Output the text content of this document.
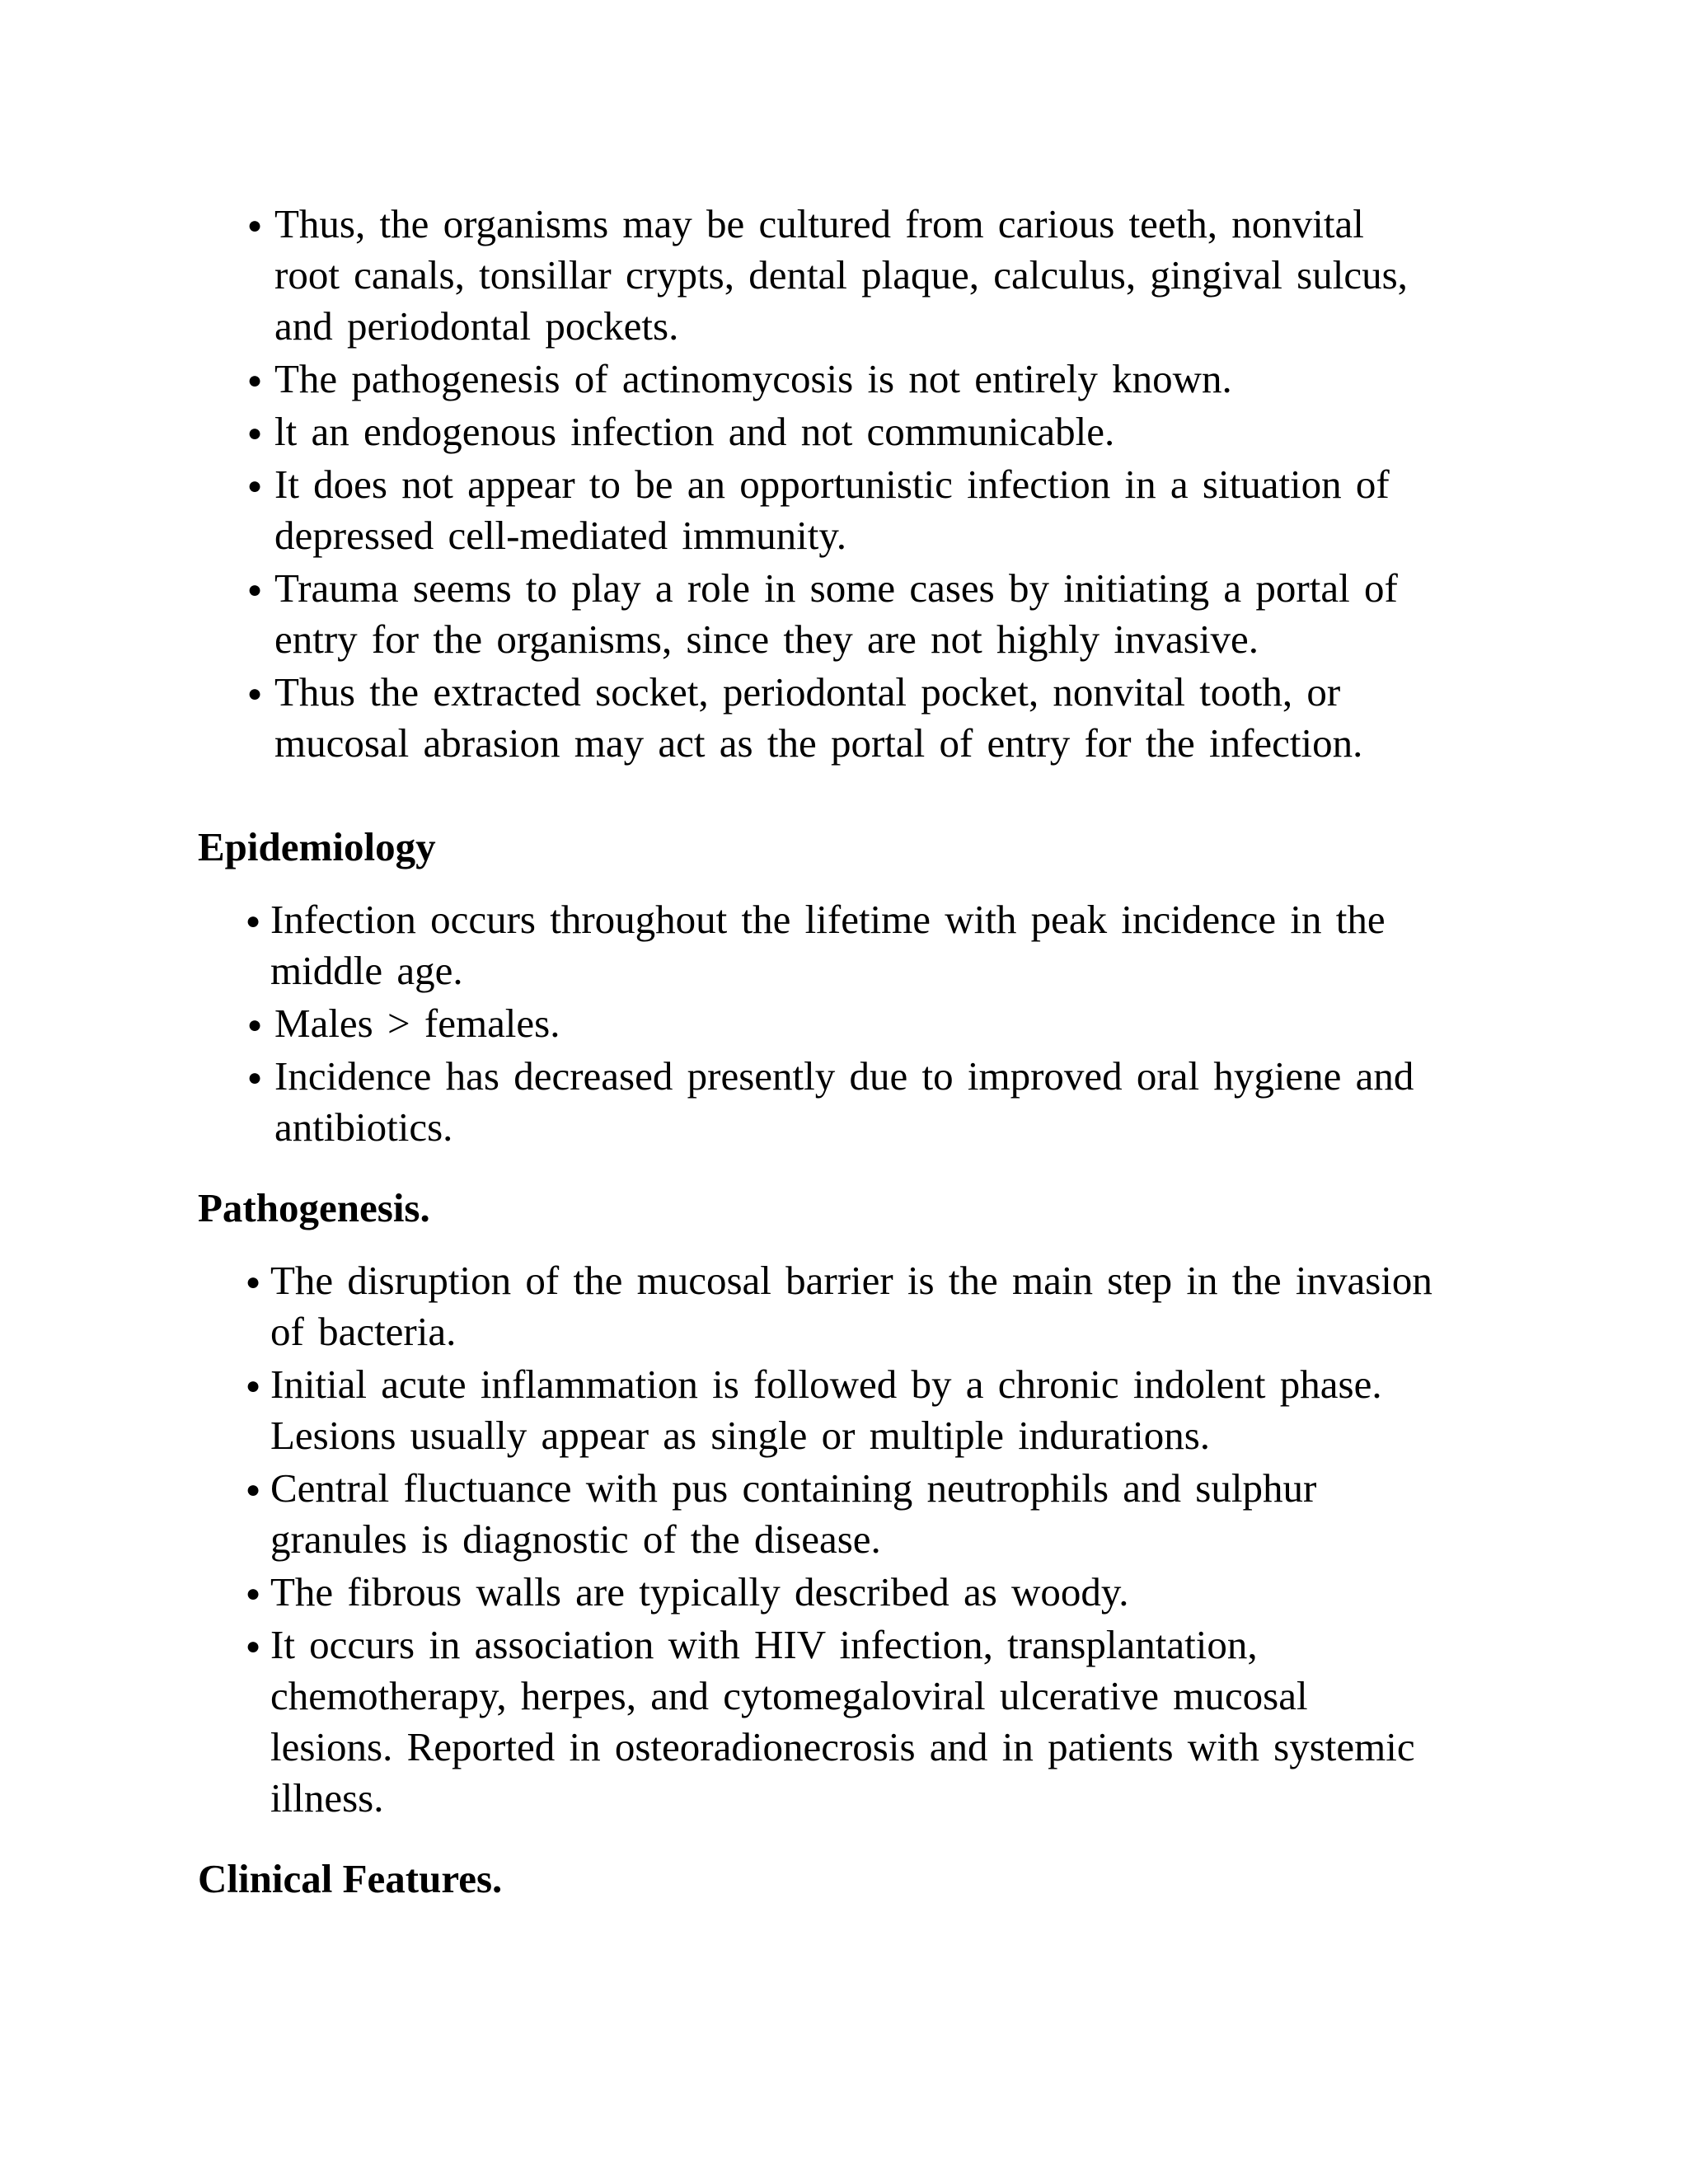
● Thus, the organisms may be cultured from carious teeth, nonvital
root canals, tonsillar crypts, dental plaque, calculus, gingival sulcus,
and periodontal pockets.
● The pathogenesis of actinomycosis is not entirely known.
● lt an endogenous infection and not communicable.
● It does not appear to be an opportunistic infection in a situation of
depressed cell-mediated immunity.
● Trauma seems to play a role in some cases by initiating a portal of
entry for the organisms, since they are not highly invasive.
● Thus the extracted socket, periodontal pocket, nonvital tooth, or
mucosal abrasion may act as the portal of entry for the infection.
Epidemiology
● Infection occurs throughout the lifetime with peak incidence in the
middle age.
● Males > females.
● Incidence has decreased presently due to improved oral hygiene and
antibiotics.
Pathogenesis.
● The disruption of the mucosal barrier is the main step in the invasion
of bacteria.
● Initial acute inflammation is followed by a chronic indolent phase.
Lesions usually appear as single or multiple indurations.
● Central fluctuance with pus containing neutrophils and sulphur
granules is diagnostic of the disease.
● The fibrous walls are typically described as woody.
● It occurs in association with HIV infection, transplantation,
chemotherapy, herpes, and cytomegaloviral ulcerative mucosal
lesions. Reported in osteoradionecrosis and in patients with systemic
illness.
Clinical Features.
